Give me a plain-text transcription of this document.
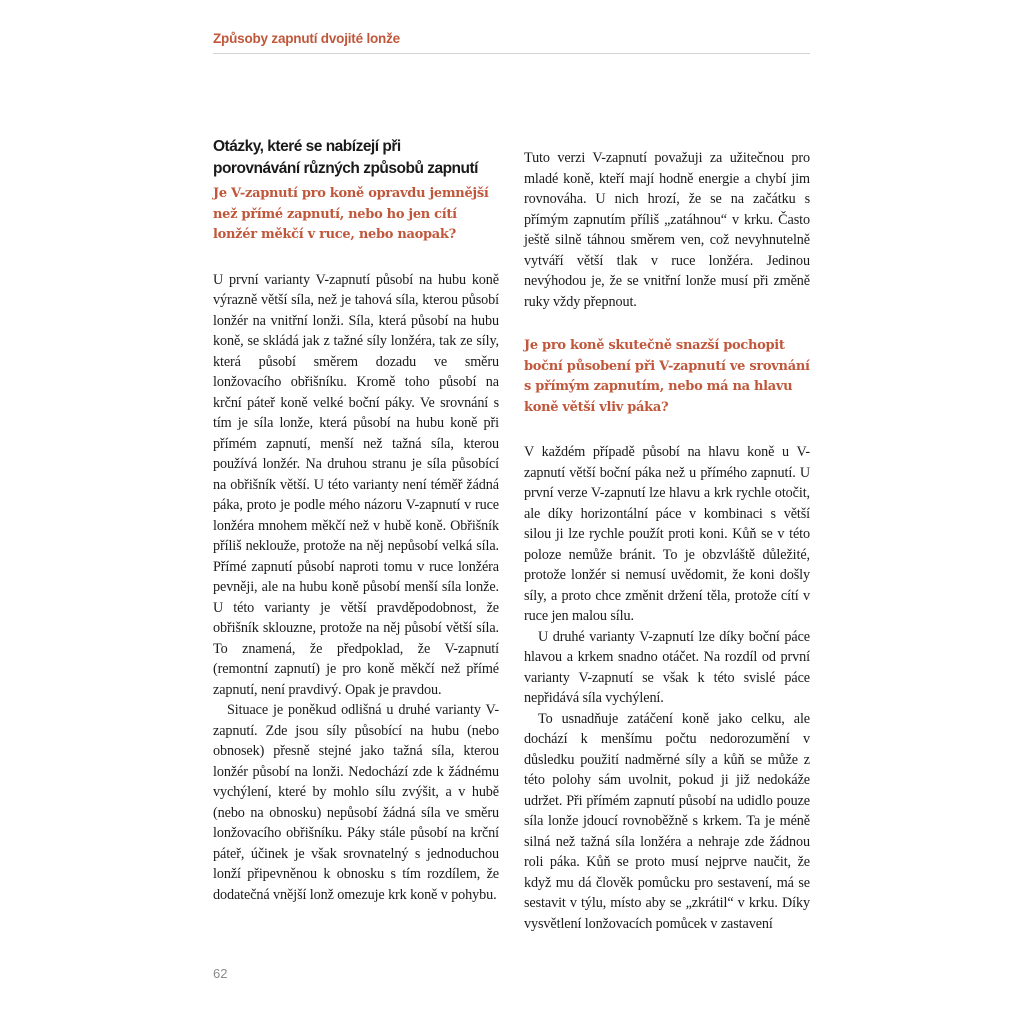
Způsoby zapnutí dvojité lonže
Otázky, které se nabízejí při
porovnávání různých způsobů zapnutí

Je V-zapnutí pro koně opravdu jemnější než přímé zapnutí, nebo ho jen cítí lonžér měkčí v ruce, nebo naopak?

U první varianty V-zapnutí působí na hubu koně výrazně větší síla, než je tahová síla, kterou působí lonžér na vnitřní lonži. Síla, která působí na hubu koně, se skládá jak z tažné síly lonžéra, tak ze síly, která působí směrem dozadu ve směru lonžovacího obřišníku. Kromě toho působí na krční páteř koně velké boční páky. Ve srovnání s tím je síla lonže, která působí na hubu koně při přímém zapnutí, menší než tažná síla, kterou používá lonžér. Na druhou stranu je síla působící na obřišník větší. U této varianty není téměř žádná páka, proto je podle mého názoru V-zapnutí v ruce lonžéra mnohem měkčí než v hubě koně. Obřišník příliš neklouže, protože na něj nepůsobí velká síla. Přímé zapnutí působí naproti tomu v ruce lonžéra pevněji, ale na hubu koně působí menší síla lonže. U této varianty je větší pravděpodobnost, že obřišník sklouzne, protože na něj působí větší síla. To znamená, že předpoklad, že V-zapnutí (remontní zapnutí) je pro koně měkčí než přímé zapnutí, není pravdivý. Opak je pravdou.

Situace je poněkud odlišná u druhé varianty V-zapnutí. Zde jsou síly působící na hubu (nebo obnosek) přesně stejné jako tažná síla, kterou lonžér působí na lonži. Nedochází zde k žádnému vychýlení, které by mohlo sílu zvýšit, a v hubě (nebo na obnosku) nepůsobí žádná síla ve směru lonžovacího obřišníku. Páky stále působí na krční páteř, účinek je však srovnatelný s jednoduchou lonží připevněnou k obnosku s tím rozdílem, že dodatečná vnější lonž omezuje krk koně v pohybu.

Tuto verzi V-zapnutí považuji za užitečnou pro mladé koně, kteří mají hodně energie a chybí jim rovnováha. U nich hrozí, že se na začátku s přímým zapnutím příliš „zatáhnou“ v krku. Často ještě silně táhnou směrem ven, což nevyhnutelně vytváří větší tlak v ruce lonžéra. Jedinou nevýhodou je, že se vnitřní lonže musí při změně ruky vždy přepnout.

Je pro koně skutečně snazší pochopit boční působení při V-zapnutí ve srovnání s přímým zapnutím, nebo má na hlavu koně větší vliv páka?

V každém případě působí na hlavu koně u V-zapnutí větší boční páka než u přímého zapnutí. U první verze V-zapnutí lze hlavu a krk rychle otočit, ale díky horizontální páce v kombinaci s větší silou ji lze rychle použít proti koni. Kůň se v této poloze nemůže bránit. To je obzvláště důležité, protože lonžér si nemusí uvědomit, že koni došly síly, a proto chce změnit držení těla, protože cítí v ruce jen malou sílu.

U druhé varianty V-zapnutí lze díky boční páce hlavou a krkem snadno otáčet. Na rozdíl od první varianty V-zapnutí se však k této svislé páce nepřidává síla vychýlení.

To usnadňuje zatáčení koně jako celku, ale dochází k menšímu počtu nedorozumění v důsledku použití nadměrné síly a kůň se může z této polohy sám uvolnit, pokud ji již nedokáže udržet. Při přímém zapnutí působí na udidlo pouze síla lonže jdoucí rovnoběžně s krkem. Ta je méně silná než tažná síla lonžéra a nehraje zde žádnou roli páka. Kůň se proto musí nejprve naučit, že když mu dá člověk pomůcku pro sestavení, má se sestavit v týlu, místo aby se „zkrátil“ v krku. Díky vysvětlení lonžovacích pomůcek v zastavení

62
